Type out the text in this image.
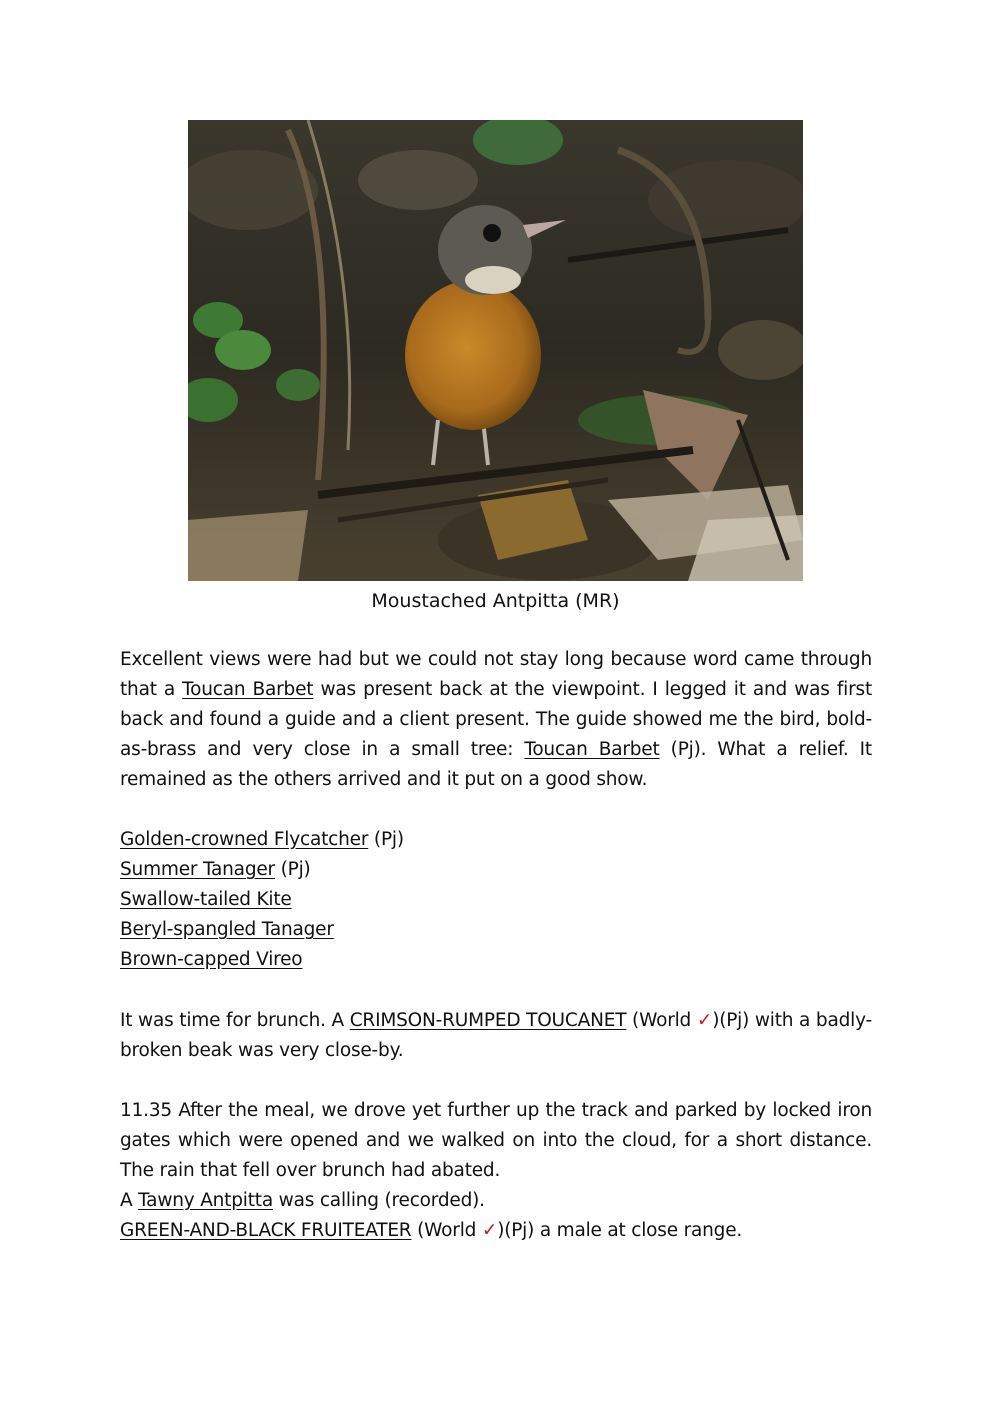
Moustached Antpitta (MR)
Excellent views were had but we could not stay long because word came through that a Toucan Barbet was present back at the viewpoint. I legged it and was first back and found a guide and a client present. The guide showed me the bird, bold-as-brass and very close in a small tree: Toucan Barbet (Pj). What a relief. It remained as the others arrived and it put on a good show.
Golden-crowned Flycatcher (Pj)
Summer Tanager (Pj)
Swallow-tailed Kite
Beryl-spangled Tanager
Brown-capped Vireo
It was time for brunch. A CRIMSON-RUMPED TOUCANET (World ✓)(Pj) with a badly-broken beak was very close-by.
11.35 After the meal, we drove yet further up the track and parked by locked iron gates which were opened and we walked on into the cloud, for a short distance. The rain that fell over brunch had abated.
A Tawny Antpitta was calling (recorded).
GREEN-AND-BLACK FRUITEATER (World ✓)(Pj) a male at close range.
